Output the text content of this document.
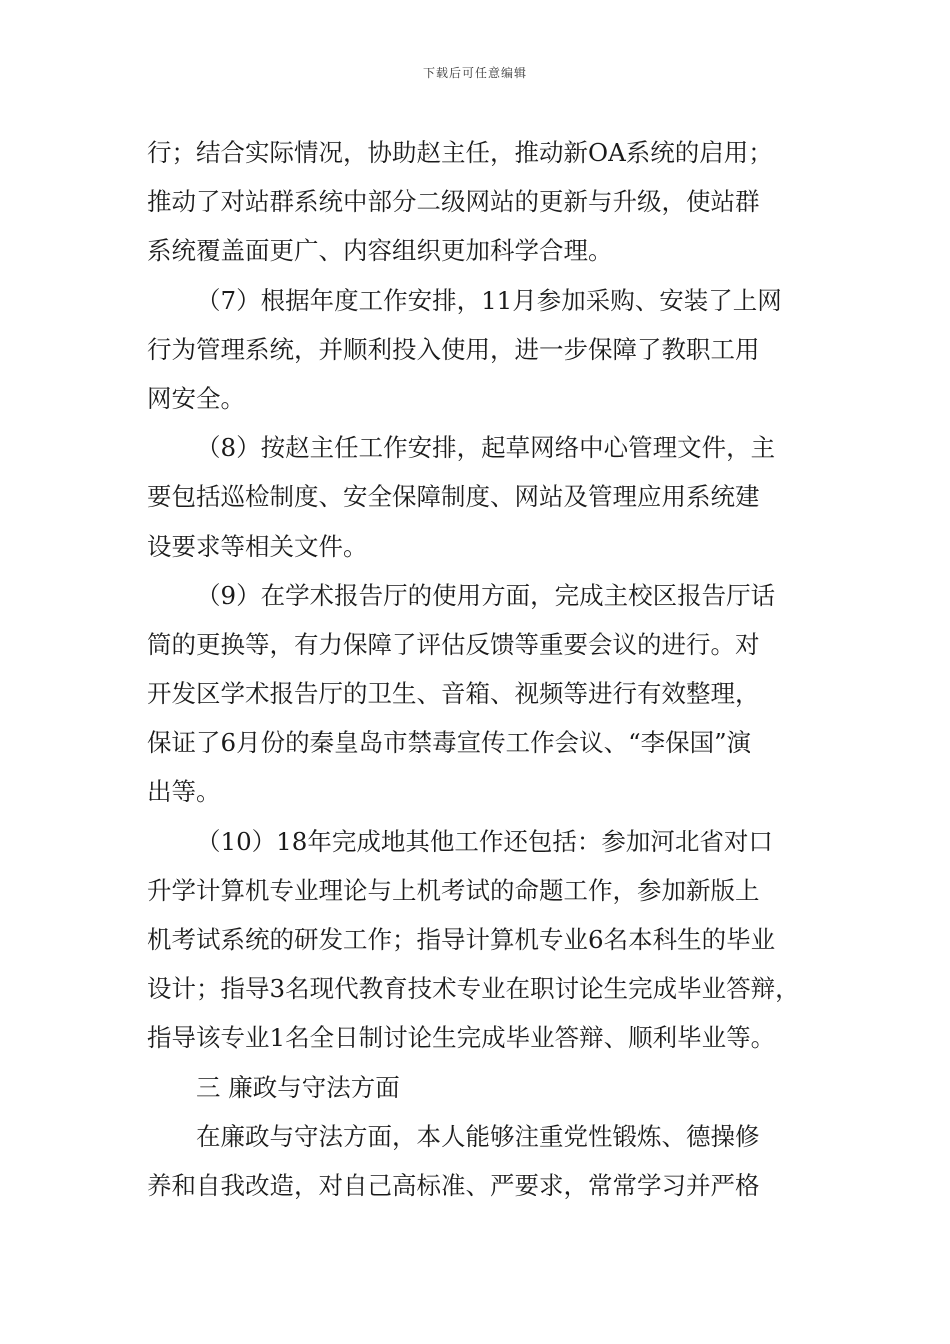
下载后可任意编辑
行；结合实际情况，协助赵主任，推动新OA系统的启用；
推动了对站群系统中部分二级网站的更新与升级，使站群
系统覆盖面更广、内容组织更加科学合理。
（7）根据年度工作安排，11月参加采购、安装了上网
行为管理系统，并顺利投入使用，进一步保障了教职工用
网安全。
（8）按赵主任工作安排，起草网络中心管理文件，主
要包括巡检制度、安全保障制度、网站及管理应用系统建
设要求等相关文件。
（9）在学术报告厅的使用方面，完成主校区报告厅话
筒的更换等，有力保障了评估反馈等重要会议的进行。对
开发区学术报告厅的卫生、音箱、视频等进行有效整理，
保证了6月份的秦皇岛市禁毒宣传工作会议、“李保国”演
出等。
（10）18年完成地其他工作还包括：参加河北省对口
升学计算机专业理论与上机考试的命题工作，参加新版上
机考试系统的研发工作；指导计算机专业6名本科生的毕业
设计；指导3名现代教育技术专业在职讨论生完成毕业答辩，
指导该专业1名全日制讨论生完成毕业答辩、顺利毕业等。
三 廉政与守法方面
在廉政与守法方面，本人能够注重党性锻炼、德操修
养和自我改造，对自己高标准、严要求，常常学习并严格
